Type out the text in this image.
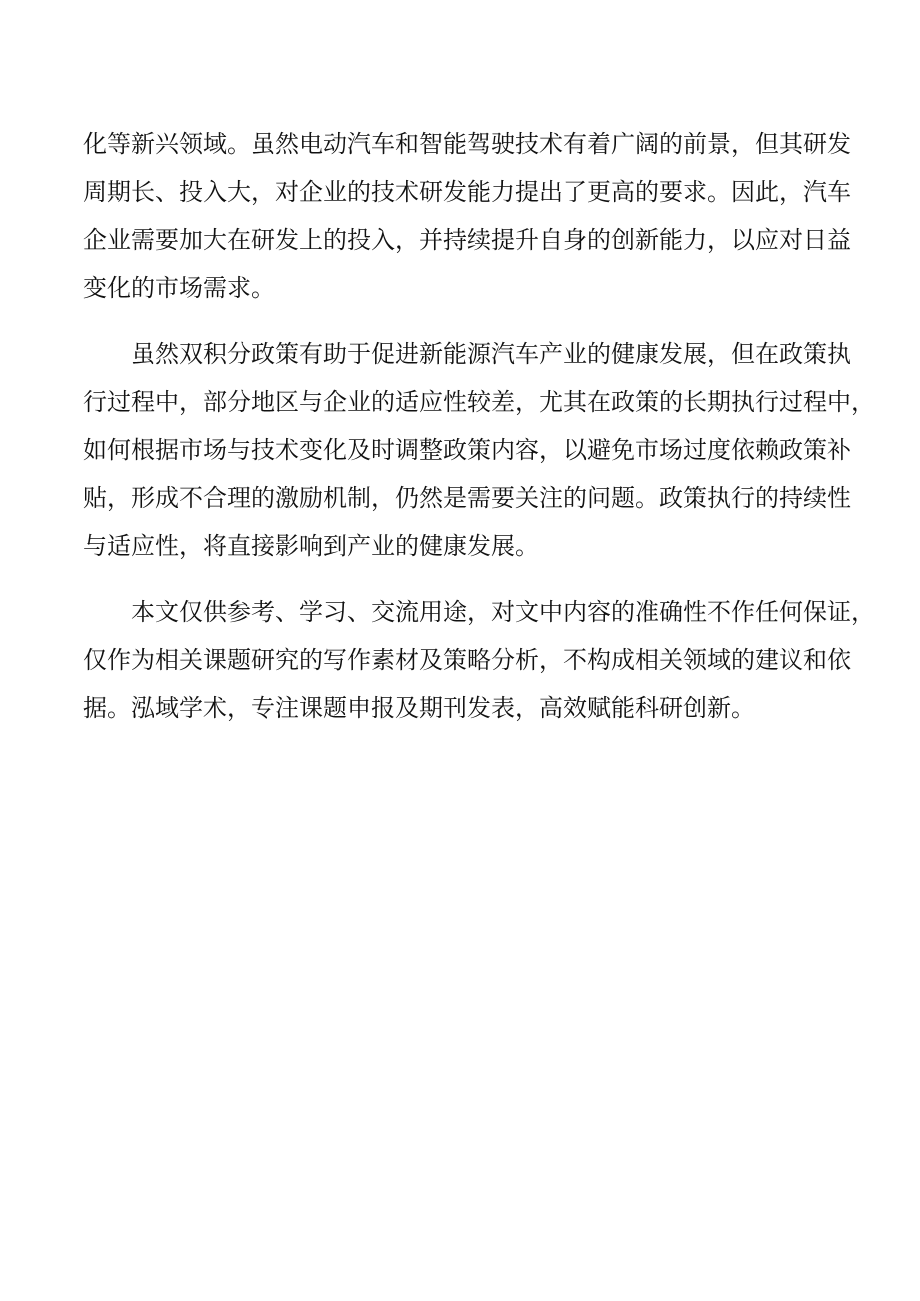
化等新兴领域。虽然电动汽车和智能驾驶技术有着广阔的前景，但其研发
周期长、投入大，对企业的技术研发能力提出了更高的要求。因此，汽车
企业需要加大在研发上的投入，并持续提升自身的创新能力，以应对日益
变化的市场需求。
虽然双积分政策有助于促进新能源汽车产业的健康发展，但在政策执
行过程中，部分地区与企业的适应性较差，尤其在政策的长期执行过程中，
如何根据市场与技术变化及时调整政策内容，以避免市场过度依赖政策补
贴，形成不合理的激励机制，仍然是需要关注的问题。政策执行的持续性
与适应性，将直接影响到产业的健康发展。
本文仅供参考、学习、交流用途，对文中内容的准确性不作任何保证，
仅作为相关课题研究的写作素材及策略分析，不构成相关领域的建议和依
据。泓域学术，专注课题申报及期刊发表，高效赋能科研创新。
